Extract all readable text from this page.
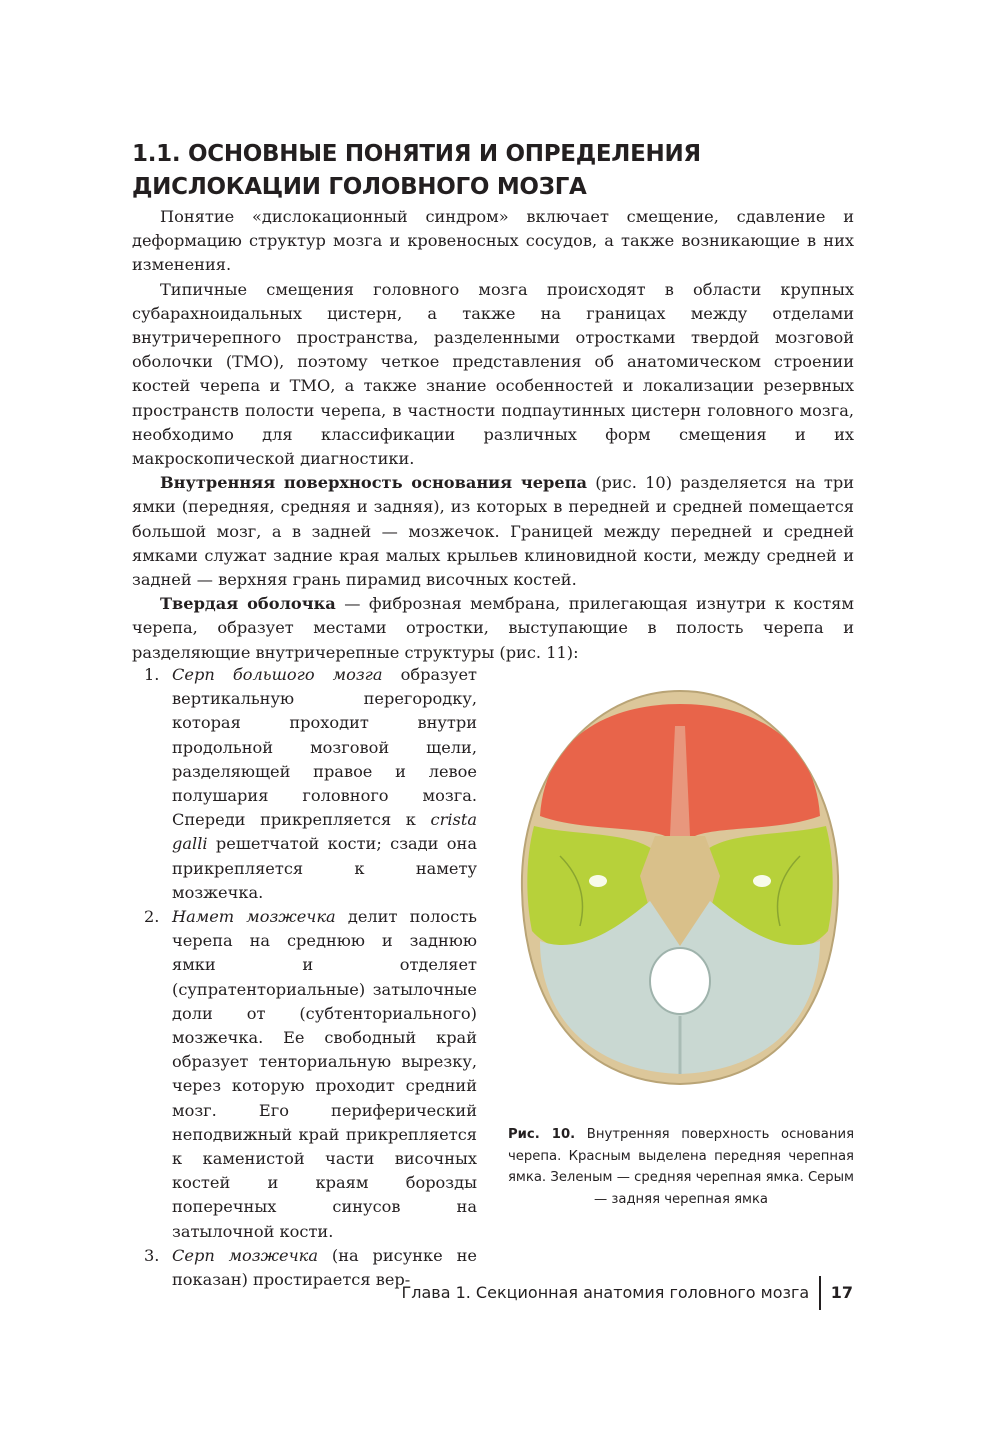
1.1. ОСНОВНЫЕ ПОНЯТИЯ И ОПРЕДЕЛЕНИЯ ДИСЛОКАЦИИ ГОЛОВНОГО МОЗГА

Понятие «дислокационный синдром» включает смещение, сдавление и деформацию структур мозга и кровеносных сосудов, а также возникающие в них изменения.

Типичные смещения головного мозга происходят в области крупных субарахноидальных цистерн, а также на границах между отделами внутричерепного пространства, разделенными отростками твердой мозговой оболочки (ТМО), поэтому четкое представления об анатомическом строении костей черепа и ТМО, а также знание особенностей и локализации резервных пространств полости черепа, в частности подпаутинных цистерн головного мозга, необходимо для классификации различных форм смещения и их макроскопической диагностики.

Внутренняя поверхность основания черепа (рис. 10) разделяется на три ямки (передняя, средняя и задняя), из которых в передней и средней помещается большой мозг, а в задней — мозжечок. Границей между передней и средней ямками служат задние края малых крыльев клиновидной кости, между средней и задней — верхняя грань пирамид височных костей.

Твердая оболочка — фиброзная мембрана, прилегающая изнутри к костям черепа, образует местами отростки, выступающие в полость черепа и разделяющие внутричерепные структуры (рис. 11):

1. Серп большого мозга образует вертикальную перегородку, которая проходит внутри продольной мозговой щели, разделяющей правое и левое полушария головного мозга. Спереди прикрепляется к crista galli решетчатой кости; сзади она прикрепляется к намету мозжечка.

2. Намет мозжечка делит полость черепа на среднюю и заднюю ямки и отделяет (супратенториальные) затылочные доли от (субтенториального) мозжечка. Ее свободный край образует тенториальную вырезку, через которую проходит средний мозг. Его периферический неподвижный край прикрепляется к каменистой части височных костей и краям борозды поперечных синусов на затылочной кости.

3. Серп мозжечка (на рисунке не показан) простирается вер-

Рис. 10. Внутренняя поверхность основания черепа. Красным выделена передняя черепная ямка. Зеленым — средняя черепная ямка. Серым — задняя черепная ямка
Глава 1. Секционная анатомия головного мозга	17
